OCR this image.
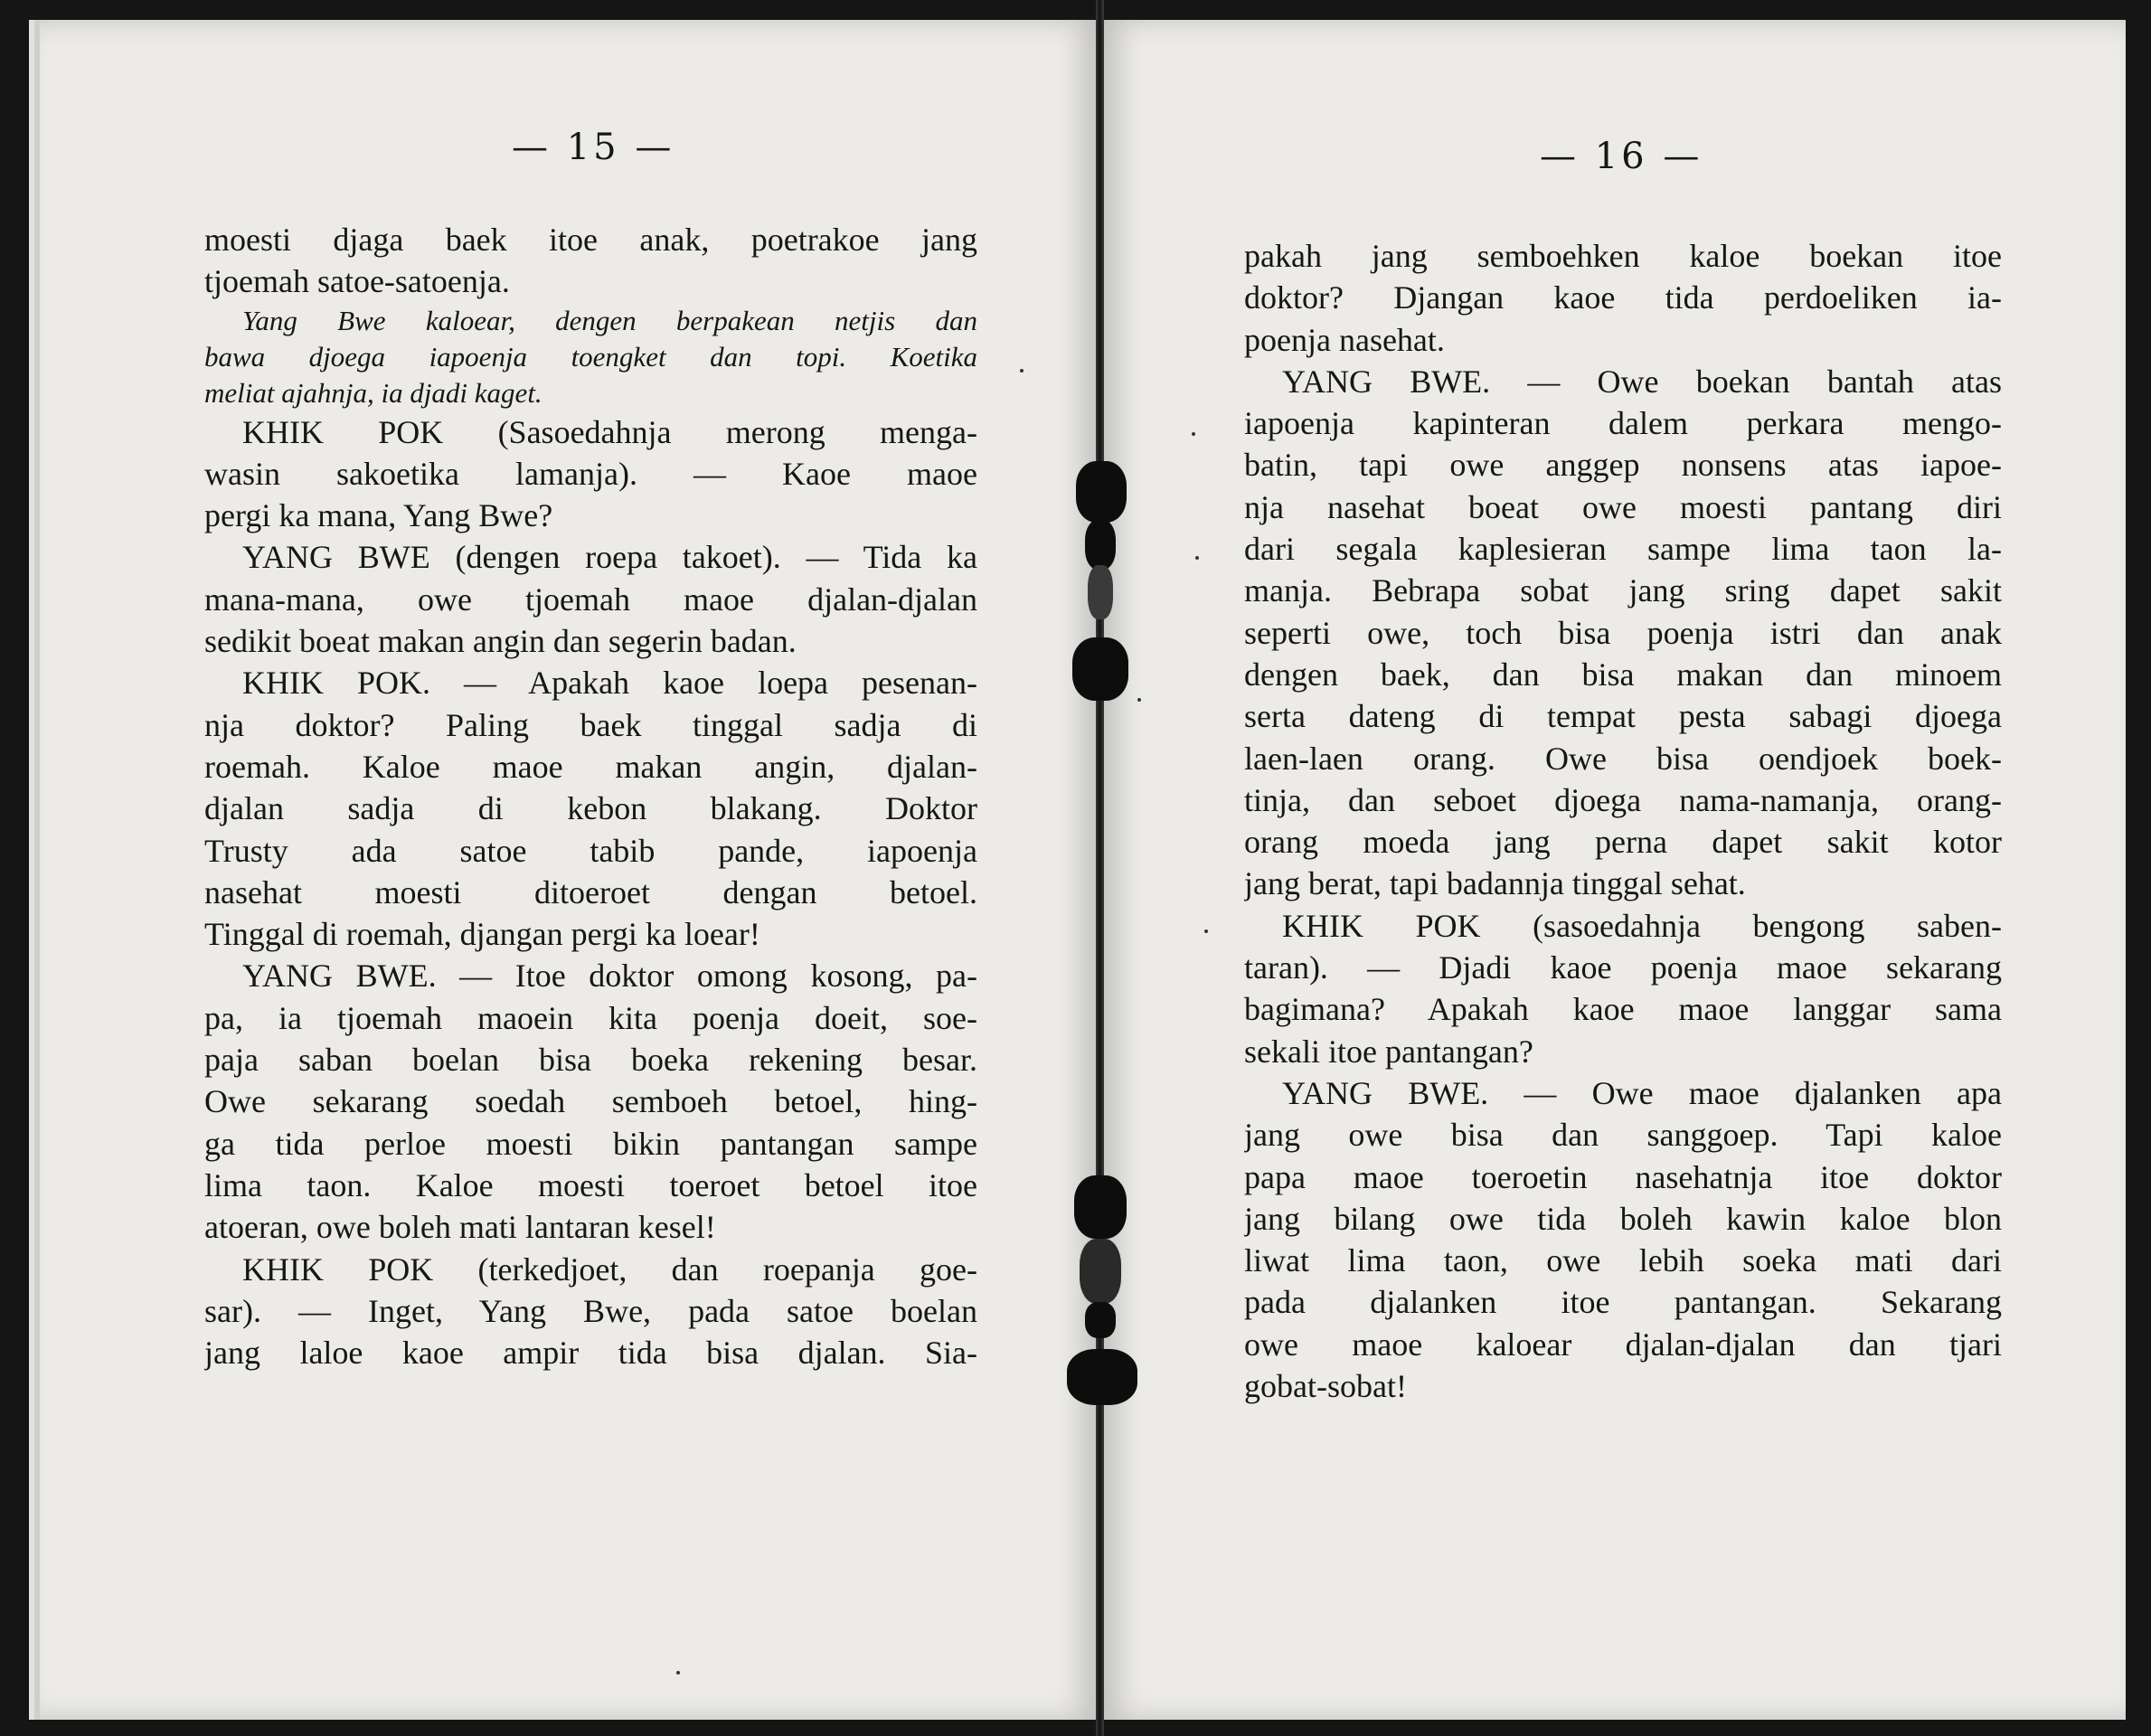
— 15 —
moesti djaga baek itoe anak, poetrakoe jang
tjoemah satoe-satoenja.
Yang Bwe kaloear, dengen berpakean netjis dan
bawa djoega iapoenja toengket dan topi. Koetika
meliat ajahnja, ia djadi kaget.
KHIK POK (Sasoedahnja merong menga-
wasin sakoetika lamanja). — Kaoe maoe
pergi ka mana, Yang Bwe?
YANG BWE (dengen roepa takoet). — Tida ka
mana-mana, owe tjoemah maoe djalan-djalan
sedikit boeat makan angin dan segerin badan.
KHIK POK. — Apakah kaoe loepa pesenan-
nja doktor? Paling baek tinggal sadja di
roemah. Kaloe maoe makan angin, djalan-
djalan sadja di kebon blakang. Doktor
Trusty ada satoe tabib pande, iapoenja
nasehat moesti ditoeroet dengan betoel.
Tinggal di roemah, djangan pergi ka loear!
YANG BWE. — Itoe doktor omong kosong, pa-
pa, ia tjoemah maoein kita poenja doeit, soe-
paja saban boelan bisa boeka rekening besar.
Owe sekarang soedah semboeh betoel, hing-
ga tida perloe moesti bikin pantangan sampe
lima taon. Kaloe moesti toeroet betoel itoe
atoeran, owe boleh mati lantaran kesel!
KHIK POK (terkedjoet, dan roepanja goe-
sar). — Inget, Yang Bwe, pada satoe boelan
jang laloe kaoe ampir tida bisa djalan. Sia-
— 16 —
pakah jang semboehken kaloe boekan itoe
doktor? Djangan kaoe tida perdoeliken ia-
poenja nasehat.
YANG BWE. — Owe boekan bantah atas
iapoenja kapinteran dalem perkara mengo-
batin, tapi owe anggep nonsens atas iapoe-
nja nasehat boeat owe moesti pantang diri
dari segala kaplesieran sampe lima taon la-
manja. Bebrapa sobat jang sring dapet sakit
seperti owe, toch bisa poenja istri dan anak
dengen baek, dan bisa makan dan minoem
serta dateng di tempat pesta sabagi djoega
laen-laen orang. Owe bisa oendjoek boek-
tinja, dan seboet djoega nama-namanja, orang-
orang moeda jang perna dapet sakit kotor
jang berat, tapi badannja tinggal sehat.
KHIK POK (sasoedahnja bengong saben-
taran). — Djadi kaoe poenja maoe sekarang
bagimana? Apakah kaoe maoe langgar sama
sekali itoe pantangan?
YANG BWE. — Owe maoe djalanken apa
jang owe bisa dan sanggoep. Tapi kaloe
papa maoe toeroetin nasehatnja itoe doktor
jang bilang owe tida boleh kawin kaloe blon
liwat lima taon, owe lebih soeka mati dari
pada djalanken itoe pantangan. Sekarang
owe maoe kaloear djalan-djalan dan tjari
gobat-sobat!
